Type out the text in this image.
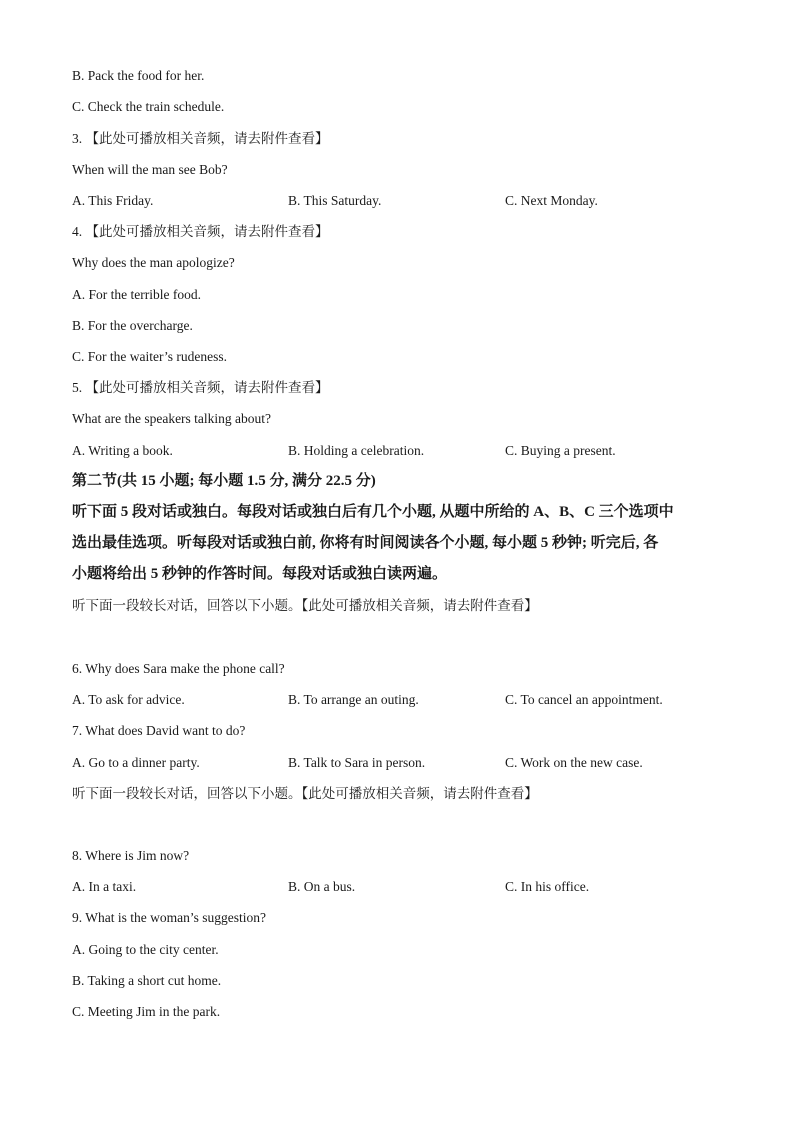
B. Pack the food for her.
C. Check the train schedule.
3. 【此处可播放相关音频，请去附件查看】
When will the man see Bob?
A. This Friday.	B. This Saturday.	C. Next Monday.
4. 【此处可播放相关音频，请去附件查看】
Why does the man apologize?
A. For the terrible food.
B. For the overcharge.
C. For the waiter’s rudeness.
5. 【此处可播放相关音频，请去附件查看】
What are the speakers talking about?
A. Writing a book.	B. Holding a celebration.	C. Buying a present.
第二节(共 15 小题; 每小题 1.5 分, 满分 22.5 分)
听下面 5 段对话或独白。每段对话或独白后有几个小题, 从题中所给的 A、B、C 三个选项中
选出最佳选项。听每段对话或独白前, 你将有时间阅读各个小题, 每小题 5 秒钟; 听完后, 各
小题将给出 5 秒钟的作答时间。每段对话或独白读两遍。
听下面一段较长对话，回答以下小题。【此处可播放相关音频，请去附件查看】
6. Why does Sara make the phone call?
A. To ask for advice.	B. To arrange an outing.	C. To cancel an appointment.
7. What does David want to do?
A. Go to a dinner party.	B. Talk to Sara in person.	C. Work on the new case.
听下面一段较长对话，回答以下小题。【此处可播放相关音频，请去附件查看】
8. Where is Jim now?
A. In a taxi.	B. On a bus.	C. In his office.
9. What is the woman’s suggestion?
A. Going to the city center.
B. Taking a short cut home.
C. Meeting Jim in the park.
